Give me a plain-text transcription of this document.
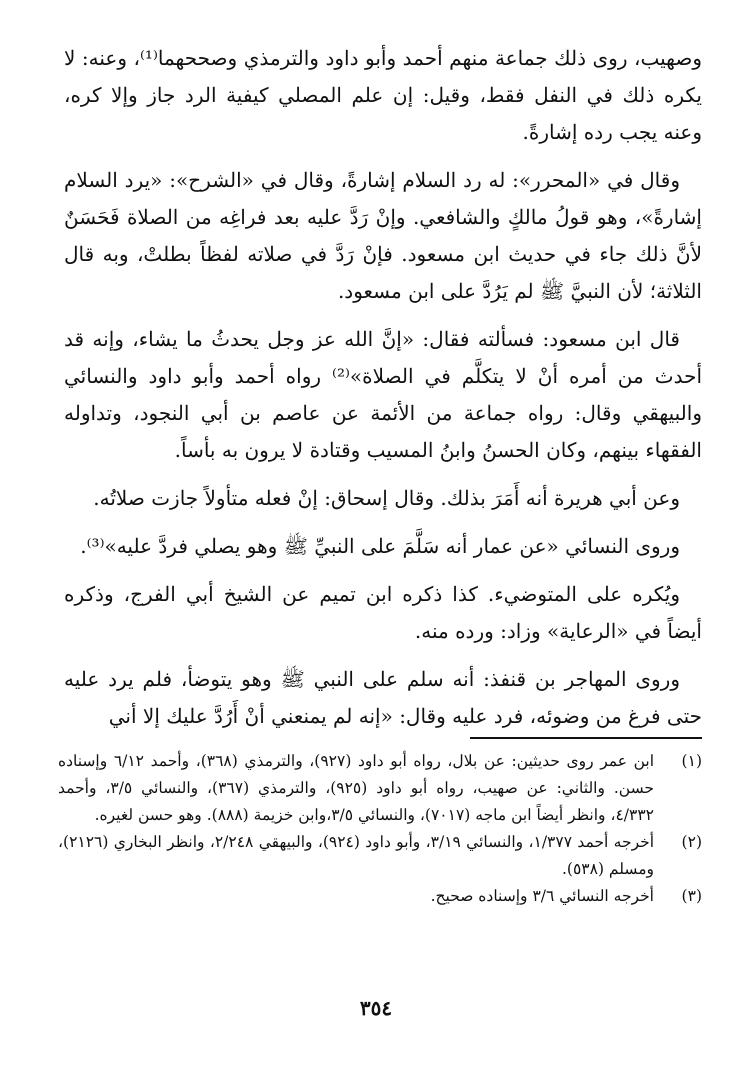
وصهيب، روى ذلك جماعة منهم أحمد وأبو داود والترمذي وصححهما⁽¹⁾، وعنه: لا يكره ذلك في النفل فقط، وقيل: إن علم المصلي كيفية الرد جاز وإلا كره، وعنه يجب رده إشارةً.

وقال في «المحرر»: له رد السلام إشارةً، وقال في «الشرح»: «يرد السلام إشارةً»، وهو قولُ مالكٍ والشافعي. وإنْ رَدَّ عليه بعد فراغِه من الصلاة فَحَسَنٌ لأنَّ ذلك جاء في حديث ابن مسعود. فإنْ رَدَّ في صلاته لفظاً بطلتْ، وبه قال الثلاثة؛ لأن النبيَّ ﷺ لم يَرُدَّ على ابن مسعود.

قال ابن مسعود: فسألته فقال: «إنَّ الله عز وجل يحدثُ ما يشاء، وإنه قد أحدث من أمره أنْ لا يتكلَّم في الصلاة»⁽²⁾ رواه أحمد وأبو داود والنسائي والبيهقي وقال: رواه جماعة من الأئمة عن عاصم بن أبي النجود، وتداوله الفقهاء بينهم، وكان الحسنُ وابنُ المسيب وقتادة لا يرون به بأساً.

وعن أبي هريرة أنه أَمَرَ بذلك. وقال إسحاق: إنْ فعله متأولاً جازت صلاتُه.

وروى النسائي «عن عمار أنه سَلَّمَ على النبيِّ ﷺ وهو يصلي فردَّ عليه»⁽³⁾.

ويُكره على المتوضيء. كذا ذكره ابن تميم عن الشيخ أبي الفرج، وذكره أيضاً في «الرعاية» وزاد: ورده منه.

وروى المهاجر بن قنفذ: أنه سلم على النبي ﷺ وهو يتوضأ، فلم يرد عليه حتى فرغ من وضوئه، فرد عليه وقال: «إنه لم يمنعني أنْ أَرُدَّ عليك إلا أني

(١)
ابن عمر روى حديثين: عن بلال، رواه أبو داود (٩٢٧)، والترمذي (٣٦٨)، وأحمد ٦/١٢ وإسناده حسن. والثاني: عن صهيب، رواه أبو داود (٩٢٥)، والترمذي (٣٦٧)، والنسائي ٣/٥، وأحمد ٤/٣٣٢، وانظر أيضاً ابن ماجه (٧٠١٧)، والنسائي ٣/٥،وابن خزيمة (٨٨٨). وهو حسن لغيره.
(٢)
أخرجه أحمد ١/٣٧٧، والنسائي ٣/١٩، وأبو داود (٩٢٤)، والبيهقي ٢/٢٤٨، وانظر البخاري (٢١٢٦)، ومسلم (٥٣٨).
(٣)
أخرجه النسائي ٣/٦ وإسناده صحيح.
٣٥٤
